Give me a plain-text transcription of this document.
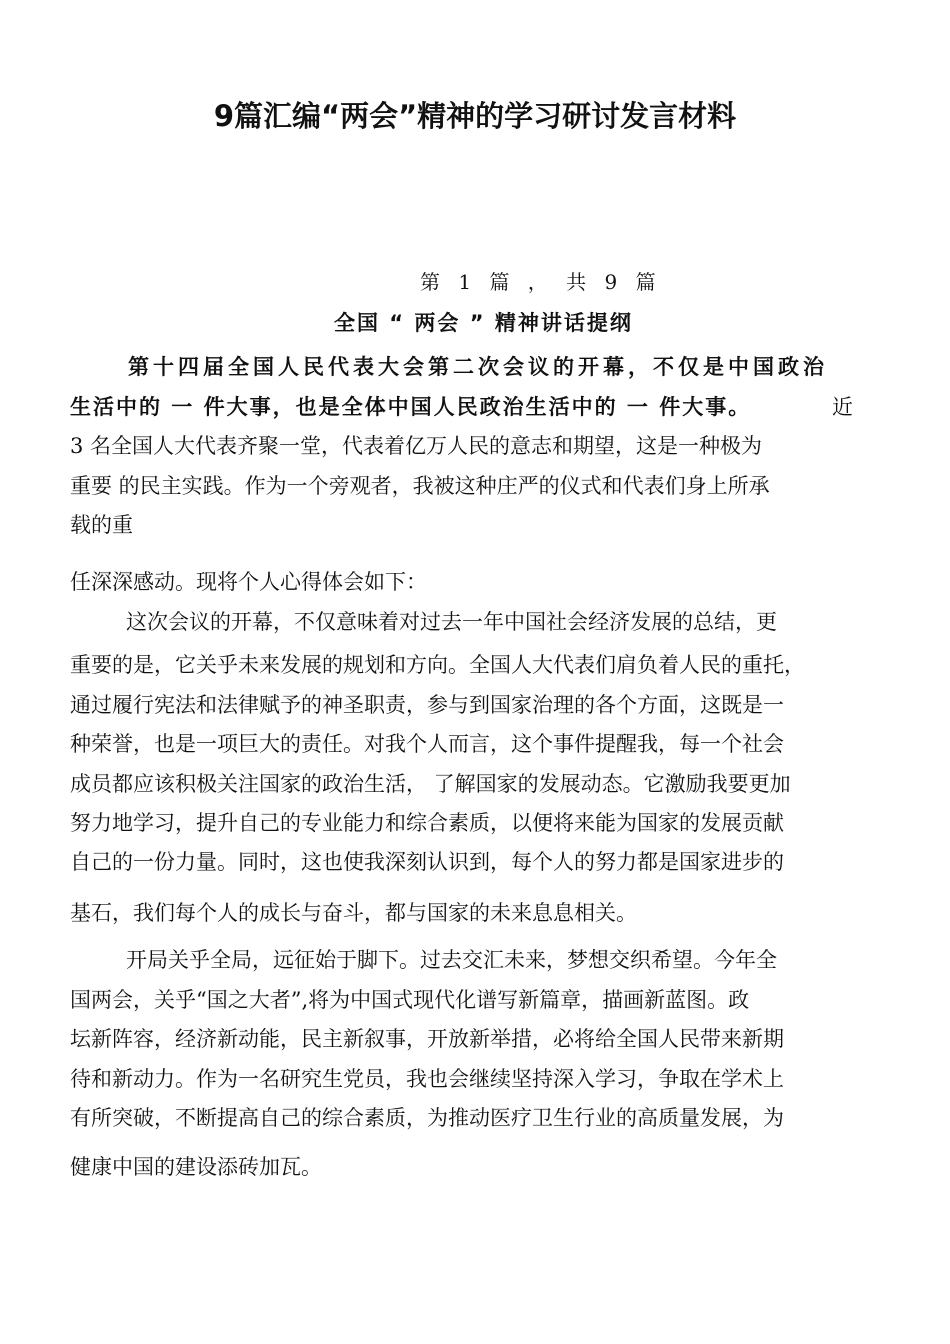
9篇汇编“两会”精神的学习研讨发言材料
第 1 篇 ， 共 9 篇
全国 “ 两会 ” 精神讲话提纲
第十四届全国人民代表大会第二次会议的开幕，不仅是中国政治
生活中的 一 件大事，也是全体中国人民政治生活中的 一 件大事。	近
3 名全国人大代表齐聚一堂，代表着亿万人民的意志和期望，这是一种极为
重要 的民主实践。作为一个旁观者，我被这种庄严的仪式和代表们身上所承
载的重
任深深感动。现将个人心得体会如下：
这次会议的开幕，不仅意味着对过去一年中国社会经济发展的总结，更
重要的是，它关乎未来发展的规划和方向。全国人大代表们肩负着人民的重托，
通过履行宪法和法律赋予的神圣职责，参与到国家治理的各个方面，这既是一
种荣誉，也是一项巨大的责任。对我个人而言，这个事件提醒我，每一个社会
成员都应该积极关注国家的政治生活， 了解国家的发展动态。它激励我要更加
努力地学习，提升自己的专业能力和综合素质，以便将来能为国家的发展贡献
自己的一份力量。同时，这也使我深刻认识到，每个人的努力都是国家进步的
基石，我们每个人的成长与奋斗，都与国家的未来息息相关。
开局关乎全局，远征始于脚下。过去交汇未来，梦想交织希望。今年全
国两会，关乎“国之大者”,将为中国式现代化谱写新篇章，描画新蓝图。政
坛新阵容，经济新动能，民主新叙事，开放新举措，必将给全国人民带来新期
待和新动力。作为一名研究生党员，我也会继续坚持深入学习，争取在学术上
有所突破，不断提高自己的综合素质，为推动医疗卫生行业的高质量发展，为
健康中国的建设添砖加瓦。
